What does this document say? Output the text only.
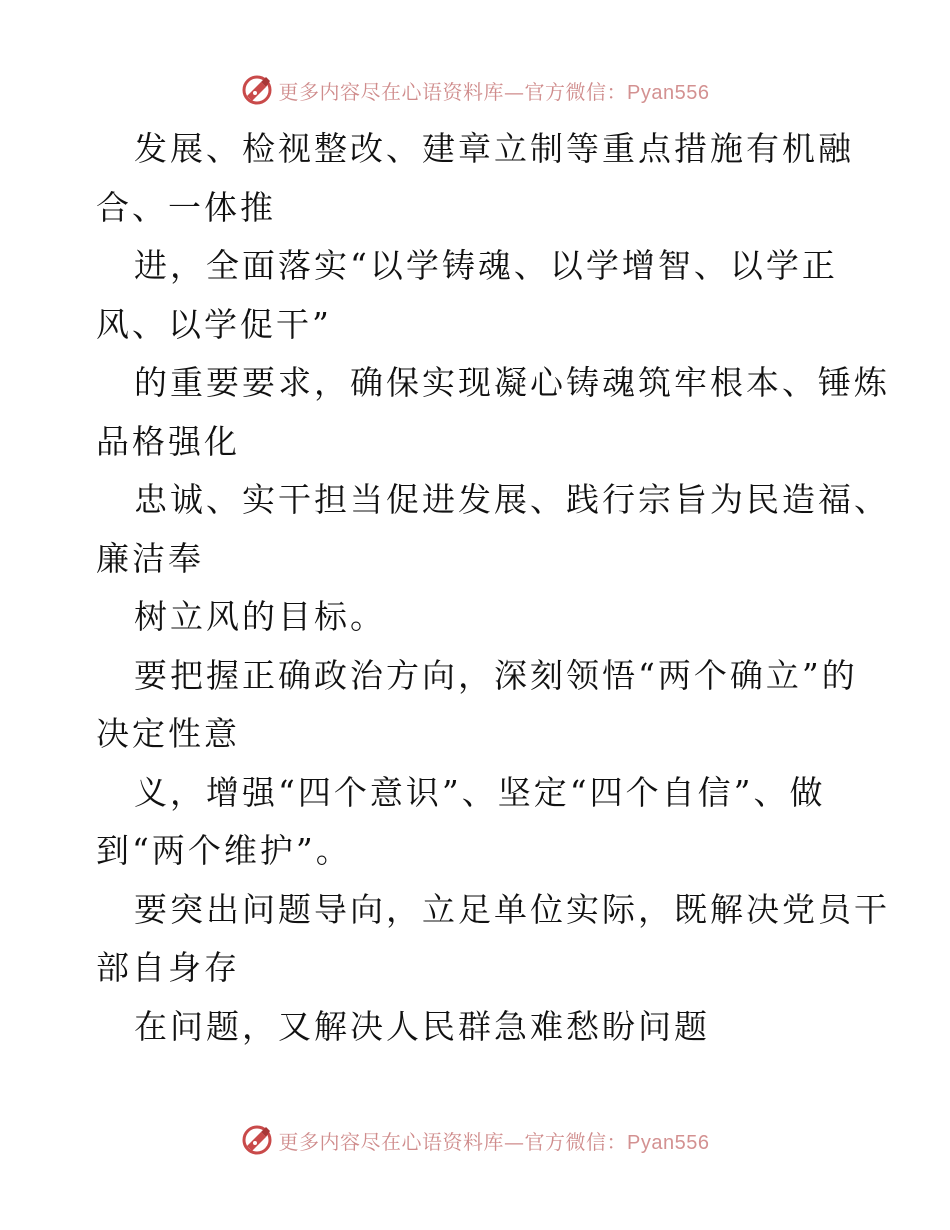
更多内容尽在心语资料库—官方微信：Pyan556
发展、检视整改、建章立制等重点措施有机融
合、一体推
进，全面落实“以学铸魂、以学增智、以学正
风、以学促干”
的重要要求，确保实现凝心铸魂筑牢根本、锤炼
品格强化
忠诚、实干担当促进发展、践行宗旨为民造福、
廉洁奉
树立风的目标。
要把握正确政治方向，深刻领悟“两个确立”的
决定性意
义，增强“四个意识”、坚定“四个自信”、做
到“两个维护”。
要突出问题导向，立足单位实际，既解决党员干
部自身存
在问题，又解决人民群急难愁盼问题
更多内容尽在心语资料库—官方微信：Pyan556
